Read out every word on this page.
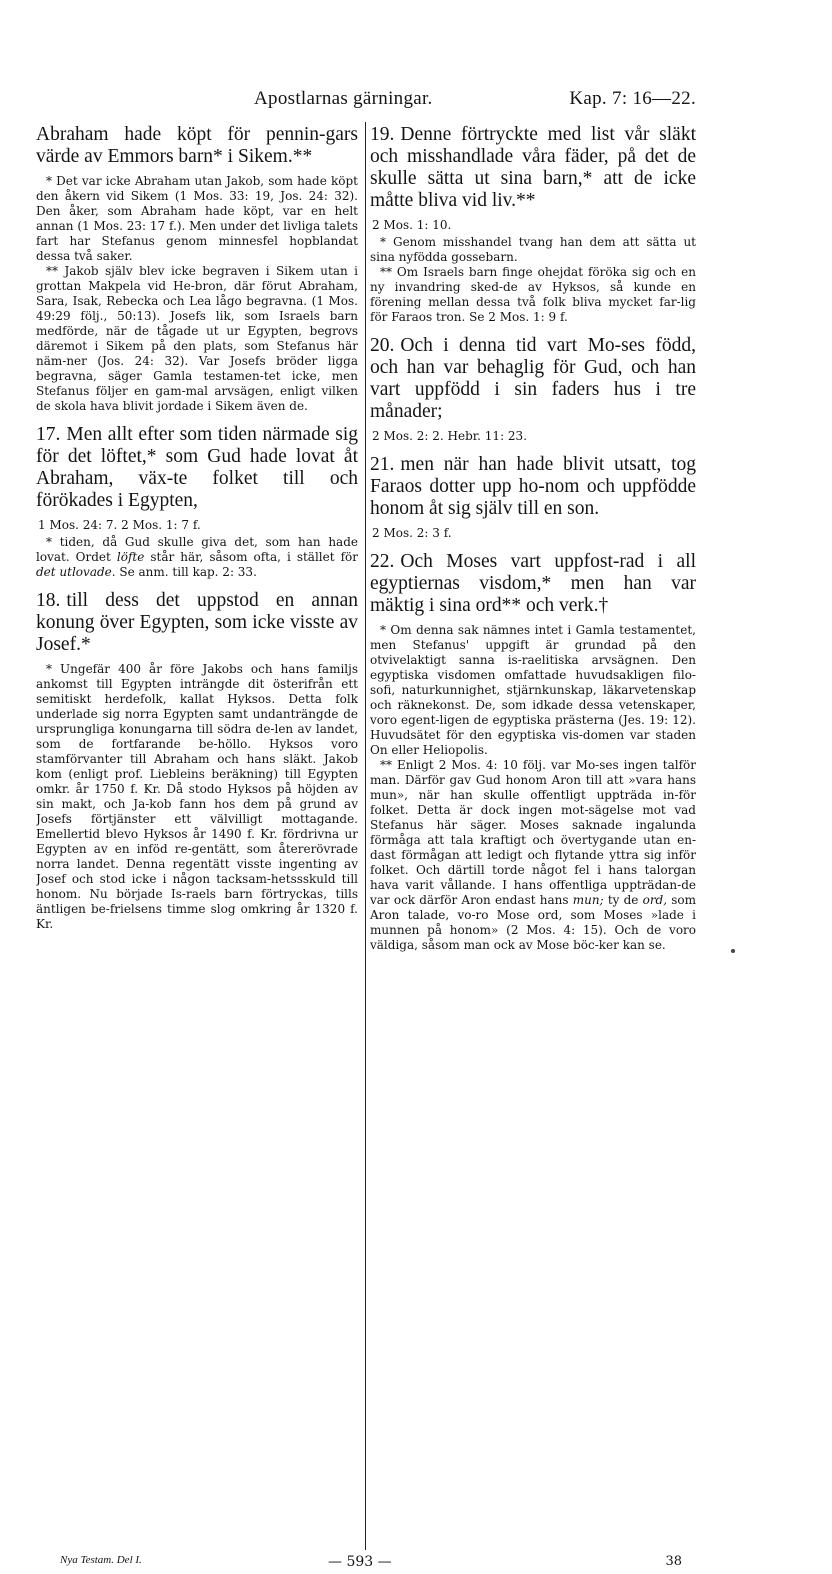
Apostlarnas gärningar.	Kap. 7: 16—22.

Abraham hade köpt för pennin-gars värde av Emmors barn* i Sikem.**

* Det var icke Abraham utan Jakob, som hade köpt den åkern vid Sikem (1 Mos. 33: 19, Jos. 24: 32). Den åker, som Abraham hade köpt, var en helt annan (1 Mos. 23: 17 f.). Men under det livliga talets fart har Stefanus genom minnesfel hopblandat dessa två saker.

** Jakob själv blev icke begraven i Sikem utan i grottan Makpela vid He-bron, där förut Abraham, Sara, Isak, Rebecka och Lea lågo begravna. (1 Mos. 49:29 följ., 50:13). Josefs lik, som Israels barn medförde, när de tågade ut ur Egypten, begrovs däremot i Sikem på den plats, som Stefanus här näm-ner (Jos. 24: 32). Var Josefs bröder ligga begravna, säger Gamla testamen-tet icke, men Stefanus följer en gam-mal arvsägen, enligt vilken de skola hava blivit jordade i Sikem även de.

17. Men allt efter som tiden närmade sig för det löftet,* som Gud hade lovat åt Abraham, väx-te folket till och förökades i Egypten,

1 Mos. 24: 7. 2 Mos. 1: 7 f.

* tiden, då Gud skulle giva det, som han hade lovat. Ordet löfte står här, såsom ofta, i stället för det utlovade. Se anm. till kap. 2: 33.

18. till dess det uppstod en annan konung över Egypten, som icke visste av Josef.*

* Ungefär 400 år före Jakobs och hans familjs ankomst till Egypten inträngde dit österifrån ett semitiskt herdefolk, kallat Hyksos. Detta folk underlade sig norra Egypten samt undanträngde de ursprungliga konungarna till södra de-len av landet, som de fortfarande be-höllo. Hyksos voro stamförvanter till Abraham och hans släkt. Jakob kom (enligt prof. Liebleins beräkning) till Egypten omkr. år 1750 f. Kr. Då stodo Hyksos på höjden av sin makt, och Ja-kob fann hos dem på grund av Josefs förtjänster ett välvilligt mottagande. Emellertid blevo Hyksos år 1490 f. Kr. fördrivna ur Egypten av en inföd re-gentätt, som återerövrade norra landet. Denna regentätt visste ingenting av Josef och stod icke i någon tacksam-hetssskuld till honom. Nu började Is-raels barn förtryckas, tills äntligen be-frielsens timme slog omkring år 1320 f. Kr.

19. Denne förtryckte med list vår släkt och misshandlade våra fäder, på det de skulle sätta ut sina barn,* att de icke måtte bliva vid liv.**

2 Mos. 1: 10.

* Genom misshandel tvang han dem att sätta ut sina nyfödda gossebarn.

** Om Israels barn finge ohejdat föröka sig och en ny invandring sked-de av Hyksos, så kunde en förening mellan dessa två folk bliva mycket far-lig för Faraos tron. Se 2 Mos. 1: 9 f.

20. Och i denna tid vart Mo-ses född, och han var behaglig för Gud, och han vart uppfödd i sin faders hus i tre månader;

2 Mos. 2: 2. Hebr. 11: 23.

21. men när han hade blivit utsatt, tog Faraos dotter upp ho-nom och uppfödde honom åt sig själv till en son.

2 Mos. 2: 3 f.

22. Och Moses vart uppfost-rad i all egyptiernas visdom,* men han var mäktig i sina ord** och verk.†

* Om denna sak nämnes intet i Gamla testamentet, men Stefanus' uppgift är grundad på den otvivelaktigt sanna is-raelitiska arvsägnen. Den egyptiska visdomen omfattade huvudsakligen filo-sofi, naturkunnighet, stjärnkunskap, läkarvetenskap och räknekonst. De, som idkade dessa vetenskaper, voro egent-ligen de egyptiska prästerna (Jes. 19: 12). Huvudsätet för den egyptiska vis-domen var staden On eller Heliopolis.

** Enligt 2 Mos. 4: 10 följ. var Mo-ses ingen talför man. Därför gav Gud honom Aron till att »vara hans mun», när han skulle offentligt uppträda in-för folket. Detta är dock ingen mot-sägelse mot vad Stefanus här säger. Moses saknade ingalunda förmåga att tala kraftigt och övertygande utan en-dast förmågan att ledigt och flytande yttra sig inför folket. Och därtill torde något fel i hans talorgan hava varit vållande. I hans offentliga uppträdan-de var ock därför Aron endast hans mun; ty de ord, som Aron talade, vo-ro Mose ord, som Moses »lade i munnen på honom» (2 Mos. 4: 15). Och de voro väldiga, såsom man ock av Mose böc-ker kan se.

Nya Testam. Del I.	— 593 —	38
